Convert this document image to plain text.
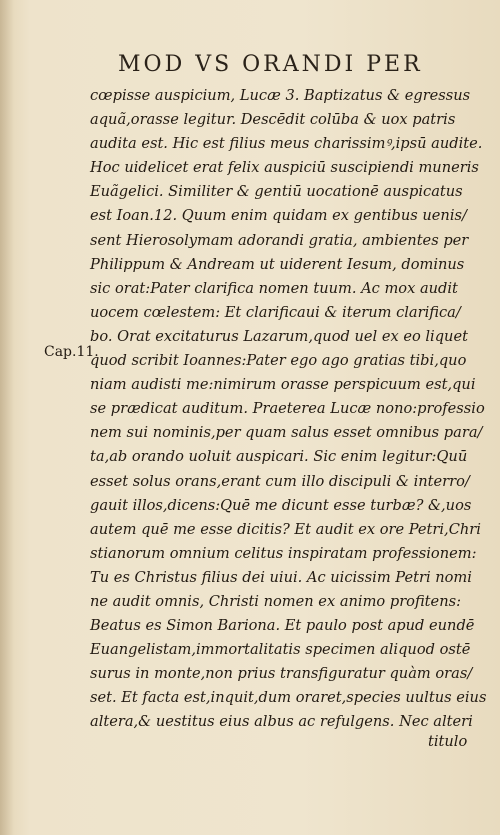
MOD VS ORANDI PER
Cap.11.
cœpisse auspicium, Lucæ 3. Baptizatus & egressus
aquã,orasse legitur. Descēdit colūba & uox patris
audita est. Hic est filius meus charissimꝰ,ipsū audite.
Hoc uidelicet erat felix auspiciū suscipiendi muneris
Euãgelici. Similiter & gentiū uocationē auspicatus
est Ioan.12. Quum enim quidam ex gentibus uenis/
sent Hierosolymam adorandi gratia, ambientes per
Philippum & Andream ut uiderent Iesum, dominus
sic orat:Pater clarifica nomen tuum. Ac mox audit
uocem cœlestem: Et clarificaui & iterum clarifica/
bo. Orat excitaturus Lazarum,quod uel ex eo liquet
quod scribit Ioannes:Pater ego ago gratias tibi,quo
niam audisti me:nimirum orasse perspicuum est,qui
se prædicat auditum. Praeterea Lucæ nono:professio
nem sui nominis,per quam salus esset omnibus para/
ta,ab orando uoluit auspicari. Sic enim legitur:Quū
esset solus orans,erant cum illo discipuli & interro/
gauit illos,dicens:Quē me dicunt esse turbæ? &,uos
autem quē me esse dicitis? Et audit ex ore Petri,Chri
stianorum omnium celitus inspiratam professionem:
Tu es Christus filius dei uiui. Ac uicissim Petri nomi
ne audit omnis, Christi nomen ex animo profitens:
Beatus es Simon Bariona. Et paulo post apud eundē
Euangelistam,immortalitatis specimen aliquod ostē
surus in monte,non prius transfiguratur quàm oras/
set. Et facta est,inquit,dum oraret,species uultus eius
altera,& uestitus eius albus ac refulgens. Nec alteri
titulo
